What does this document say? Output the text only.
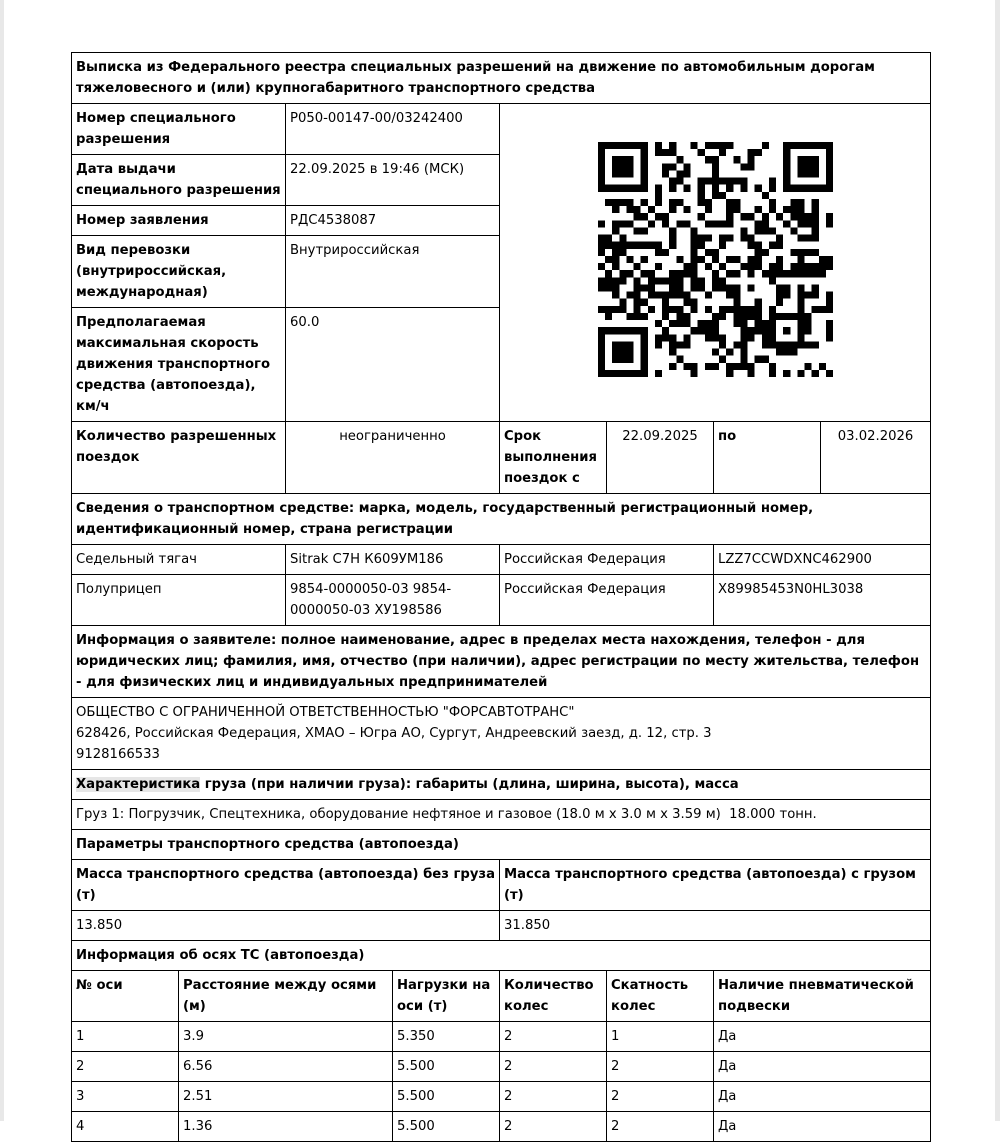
Выписка из Федерального реестра специальных разрешений на движение по автомобильным дорогам тяжеловесного и (или) крупногабаритного транспортного средства							
Номер специального разрешения		P050-00147-00/03242400	
Дата выдачи специального разрешения		22.09.2025 в 19:46 (МСК)					
Номер заявления		РДС4538087					
Вид перевозки (внутрироссийская, международная)		Внутрироссийская					
Предполагаемая максимальная скорость движения транспортного средства (автопоезда), км/ч		60.0					
Количество разрешенных поездок		неограниченно		Срок выполнения поездок с	22.09.2025	по	03.02.2026
Сведения о транспортном средстве: марка, модель, государственный регистрационный номер, идентификационный номер, страна регистрации							
Седельный тягач		Sitrak C7H К609УМ186		Российская Федерация		LZZ7CCWDXNC462900	
Полуприцеп		9854-0000050-03 9854-0000050-03 ХУ198586		Российская Федерация		X89985453N0HL3038	
Информация о заявителе: полное наименование, адрес в пределах места нахождения, телефон - для юридических лиц; фамилия, имя, отчество (при наличии), адрес регистрации по месту жительства, телефон - для физических лиц и индивидуальных предпринимателей							

ОБЩЕСТВО С ОГРАНИЧЕННОЙ ОТВЕТСТВЕННОСТЬЮ "ФОРСАВТОТРАНС"
628426, Российская Федерация, ХМАО – Югра АО, Сургут, Андреевский заезд, д. 12, стр. 3
9128166533							

Характеристика груза (при наличии груза): габариты (длина, ширина, высота), масса							
Груз 1: Погрузчик, Спецтехника, оборудование нефтяное и газовое (18.0 м x 3.0 м x 3.59 м)  18.000 тонн.							
Параметры транспортного средства (автопоезда)							
Масса транспортного средства (автопоезда) без груза (т)				Масса транспортного средства (автопоезда) с грузом (т)			
13.850				31.850			
Информация об осях ТС (автопоезда)							
№ оси	Расстояние между осями (м)		Нагрузки на оси (т)	Количество колес	Скатность колес	Наличие пневматической подвески	
1	3.9		5.350	2	1	Да	
2	6.56		5.500	2	2	Да	
3	2.51		5.500	2	2	Да	
4	1.36		5.500	2	2	Да	
